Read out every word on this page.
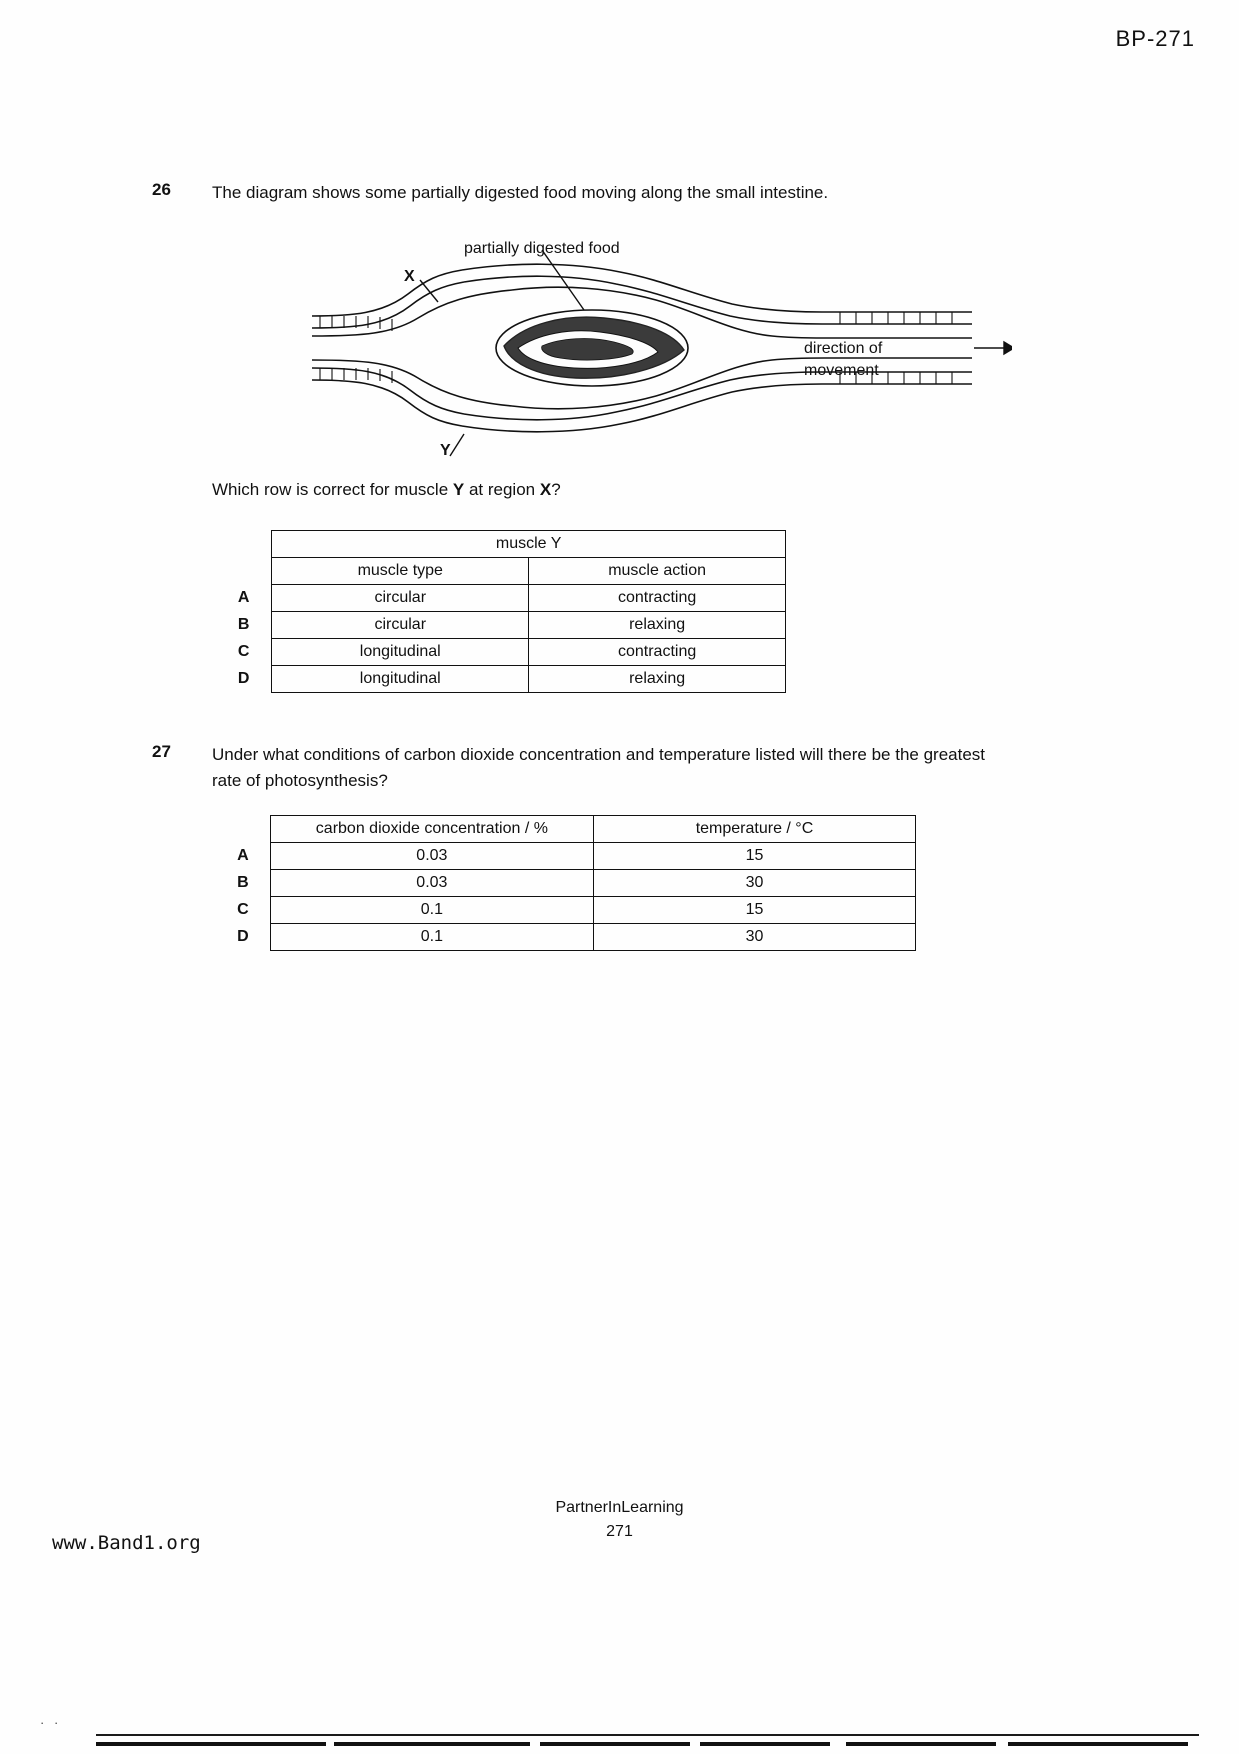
BP-271
26 The diagram shows some partially digested food moving along the small intestine.
partially digested food
X
Y
direction of
movement
Which row is correct for muscle Y at region X?
	muscle Y	
	muscle type	muscle action
A	circular	contracting
B	circular	relaxing
C	longitudinal	contracting
D	longitudinal	relaxing
27 Under what conditions of carbon dioxide concentration and temperature listed will there be the greatest rate of photosynthesis?
	carbon dioxide concentration / %	temperature / °C
A	0.03	15
B	0.03	30
C	0.1	15
D	0.1	30
PartnerInLearning
271
www.Band1.org
· ·
